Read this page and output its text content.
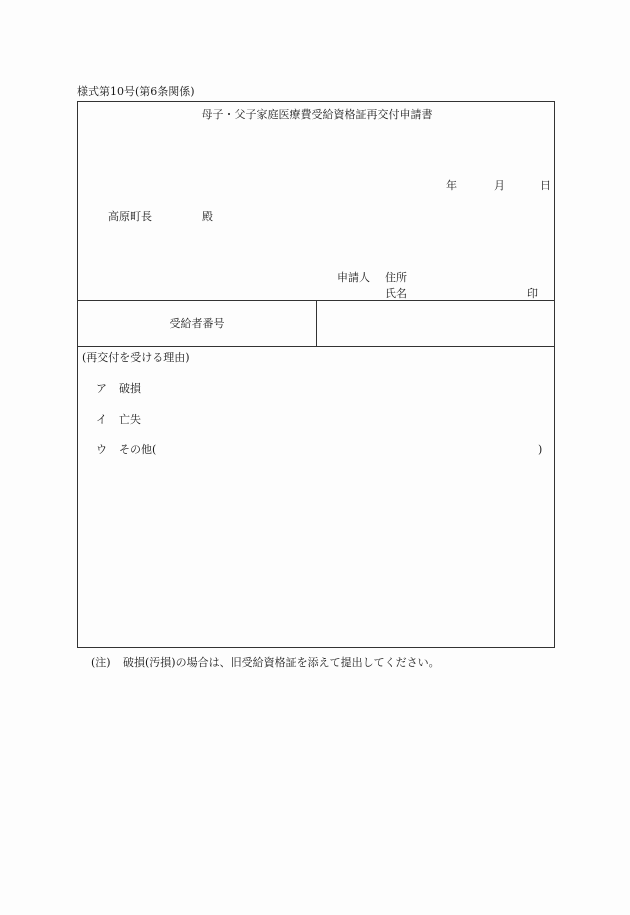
様式第10号(第6条関係)
母子・父子家庭医療費受給資格証再交付申請書
年	月	日
高原町長	殿
申請人 住所
氏名	印
受給者番号
(再交付を受ける理由)
ア 破損
イ 亡失
ウ その他(	)
(注) 破損(汚損)の場合は、旧受給資格証を添えて提出してください。
